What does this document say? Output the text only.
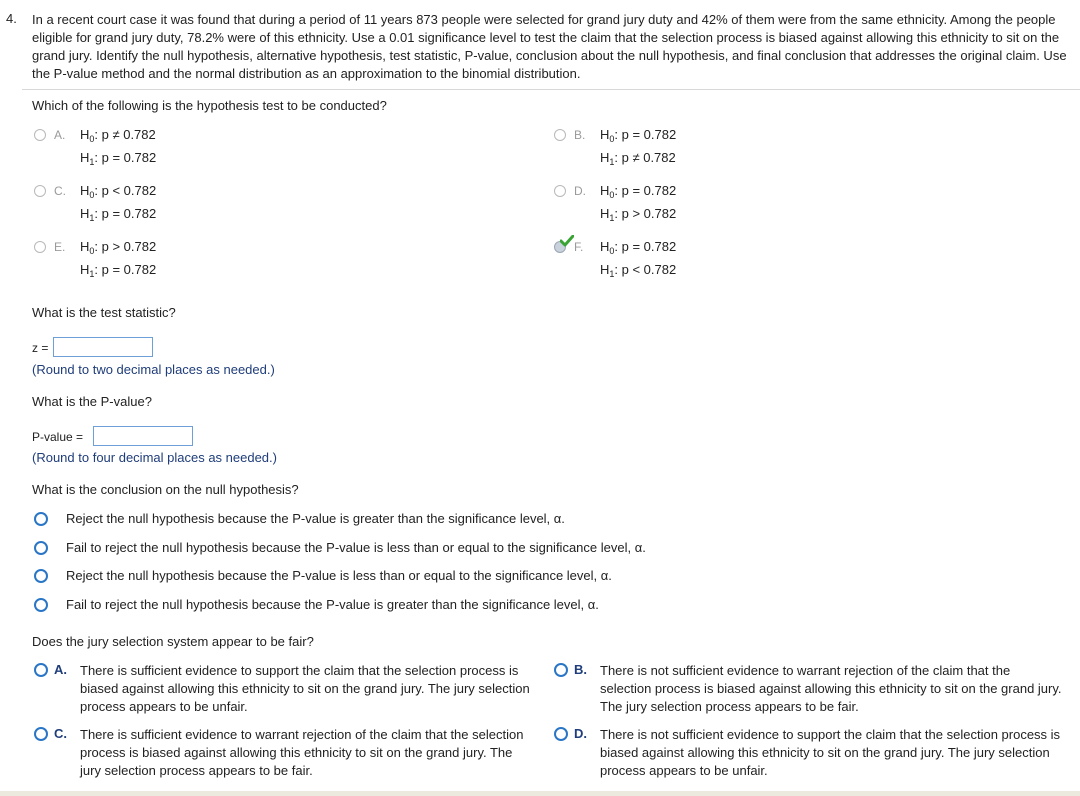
4. In a recent court case it was found that during a period of 11 years 873 people were selected for grand jury duty and 42% of them were from the same ethnicity. Among the people eligible for grand jury duty, 78.2% were of this ethnicity. Use a 0.01 significance level to test the claim that the selection process is biased against allowing this ethnicity to sit on the grand jury. Identify the null hypothesis, alternative hypothesis, test statistic, P-value, conclusion about the null hypothesis, and final conclusion that addresses the original claim. Use the P-value method and the normal distribution as an approximation to the binomial distribution.
Which of the following is the hypothesis test to be conducted?
A. $H_0$: p ≠ 0.782
$H_1$: p = 0.782
B. $H_0$: p = 0.782
$H_1$: p ≠ 0.782
C. $H_0$: p < 0.782
$H_1$: p = 0.782
D. $H_0$: p = 0.782
$H_1$: p > 0.782
E. $H_0$: p > 0.782
$H_1$: p = 0.782
F. $H_0$: p = 0.782
$H_1$: p < 0.782
What is the test statistic?
z =
(Round to two decimal places as needed.)
What is the P-value?
P-value =
(Round to four decimal places as needed.)
What is the conclusion on the null hypothesis?
Reject the null hypothesis because the P-value is greater than the significance level, α.
Fail to reject the null hypothesis because the P-value is less than or equal to the significance level, α.
Reject the null hypothesis because the P-value is less than or equal to the significance level, α.
Fail to reject the null hypothesis because the P-value is greater than the significance level, α.
Does the jury selection system appear to be fair?
A. There is sufficient evidence to support the claim that the selection process is biased against allowing this ethnicity to sit on the grand jury. The jury selection process appears to be unfair.
B. There is not sufficient evidence to warrant rejection of the claim that the selection process is biased against allowing this ethnicity to sit on the grand jury. The jury selection process appears to be fair.
C. There is sufficient evidence to warrant rejection of the claim that the selection process is biased against allowing this ethnicity to sit on the grand jury. The jury selection process appears to be fair.
D. There is not sufficient evidence to support the claim that the selection process is biased against allowing this ethnicity to sit on the grand jury. The jury selection process appears to be unfair.
